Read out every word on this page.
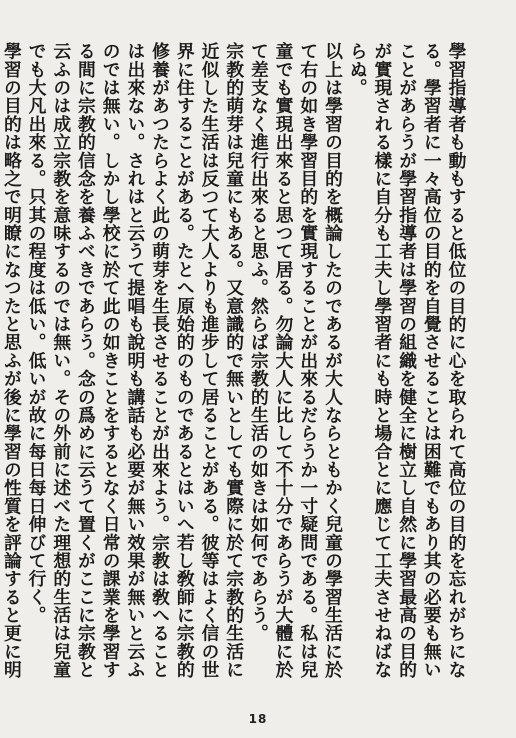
學習指導者も動もすると低位の目的に心を取られて高位の目的を忘れがちになる。學習者に一々高位の目的を自覺させることは困難でもあり其の必要も無いことがあらうが學習指導者は學習の組織を健全に樹立し自然に學習最高の目的が實現される樣に自分も工夫し學習者にも時と場合とに應じて工夫させねばならぬ。

以上は學習の目的を概論したのであるが大人ならともかく兒童の學習生活に於て右の如き學習目的を實現することが出來るだらうか一寸疑問である。私は兒童でも實現出來ると思つて居る。勿論大人に比して不十分であらうが大體に於て差支なく進行出來ると思ふ。然らば宗教的生活の如きは如何であらう。

宗教的萌芽は兒童にもある。又意識的で無いとしても實際に於て宗教的生活に近似した生活は反つて大人よりも進步して居ることがある。彼等はよく信の世界に住することがある。たとへ原始的のものであるとはいへ若し敎師に宗教的修養があつたらよく此の萌芽を生長させることが出來よう。宗教は敎へることは出來ない。されはと云うて提唱も說明も講話も必要が無い效果が無いと云ふのでは無い。しかし學校に於て此の如きことをするとなく日常の課業を學習する間に宗教的信念を養ふべきであらう。念の爲めに云うて置くがここに宗教と云ふのは成立宗教を意味するのでは無い。その外前に述べた理想的生活は兒童でも大凡出來る。只其の程度は低い。低いが故に每日每日伸びて行く。

學習の目的は略之で明瞭になつたと思ふが後に學習の性質を評論すると更に明

18
